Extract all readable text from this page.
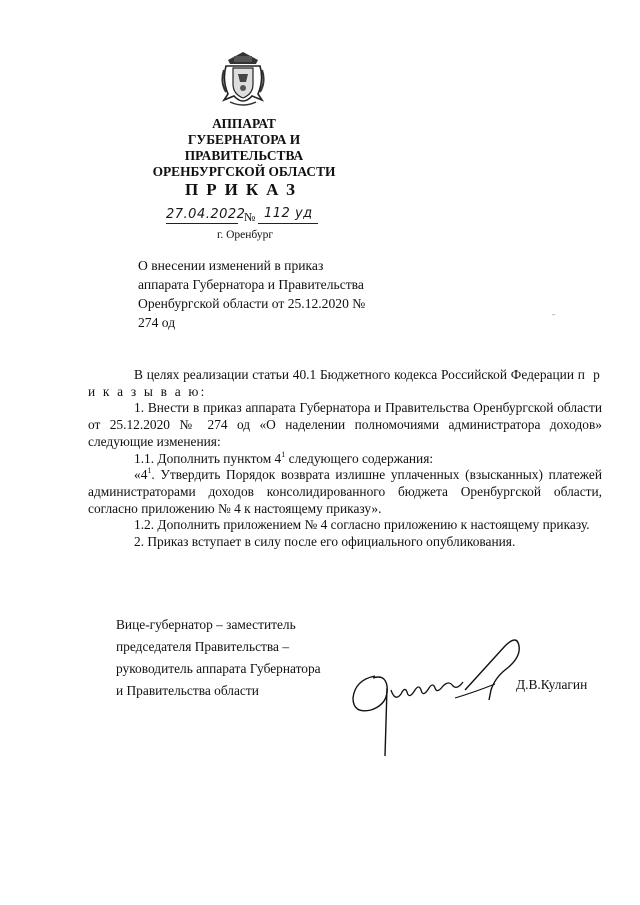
АППАРАТ
ГУБЕРНАТОРА И
ПРАВИТЕЛЬСТВА
ОРЕНБУРГСКОЙ ОБЛАСТИ
ПРИКАЗ
27.04.2022
№ 112 уд
г. Оренбург
О внесении изменений в приказ аппарата Губернатора и Правительства Оренбургской области от 25.12.2020 № 274 од	ˉ

В целях реализации статьи 40.1 Бюджетного кодекса Российской Федерации п р и к а з ы в а ю:

1. Внести в приказ аппарата Губернатора и Правительства Оренбургской области от 25.12.2020 № 274 од «О наделении полномочиями администратора доходов» следующие изменения:

1.1. Дополнить пунктом $4^1$ следующего содержания:

«$4^1$. Утвердить Порядок возврата излишне уплаченных (взысканных) платежей администраторами доходов консолидированного бюджета Оренбургской области, согласно приложению № 4 к настоящему приказу».

1.2. Дополнить приложением № 4 согласно приложению к настоящему приказу.

2. Приказ вступает в силу после его официального опубликования.

Вице-губернатор – заместитель
председателя Правительства –
руководитель аппарата Губернатора
и Правительства области	Д.В.Кулагин
